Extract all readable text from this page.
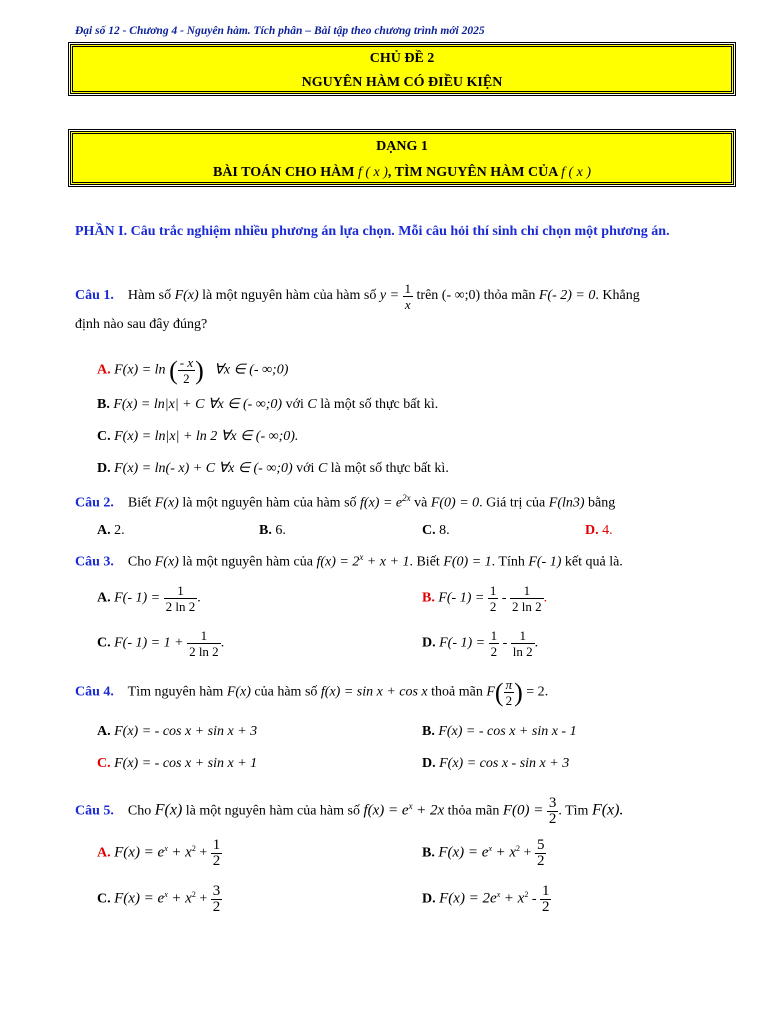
Đại số 12 - Chương 4 - Nguyên hàm. Tích phân – Bài tập theo chương trình mới 2025
CHỦ ĐỀ 2
NGUYÊN HÀM CÓ ĐIỀU KIỆN
DẠNG 1
BÀI TOÁN CHO HÀM f ( x ), TÌM NGUYÊN HÀM CỦA f ( x )
PHẦN I. Câu trắc nghiệm nhiều phương án lựa chọn. Mỗi câu hỏi thí sinh chỉ chọn một phương án.
Câu 1. Hàm số F(x) là một nguyên hàm của hàm số $y = \frac{1}{x}$ trên (- ∞;0) thỏa mãn F(- 2) = 0. Khẳng
định nào sau đây đúng?
A. F(x) = ln ( $\frac{- x}{2}$ ) ∀x ∈ (- ∞;0)
B. F(x) = ln|x| + C ∀x ∈ (- ∞;0) với C là một số thực bất kì.
C. F(x) = ln|x| + ln 2 ∀x ∈ (- ∞;0).
D. F(x) = ln(- x) + C ∀x ∈ (- ∞;0) với C là một số thực bất kì.
Câu 2. Biết F(x) là một nguyên hàm của hàm số $f(x) = e^{2x}$ và F(0) = 0. Giá trị của F(ln3) bằng
A. 2.	B. 6.	C. 8.	D. 4.
Câu 3. Cho F(x) là một nguyên hàm của $f(x) = 2^x + x + 1$. Biết F(0) = 1. Tính F(- 1) kết quả là.
A. F(- $1) = \frac{1}{2 \ln 2}$ .	B. F(- $1) = \frac{1}{2} - \frac{1}{2 \ln 2}$ .
C. F(- $1) = 1 + \frac{1}{2 \ln 2}$ .	D. F(- $1) = \frac{1}{2} - \frac{1}{\ln 2}$ .
Câu 4. Tìm nguyên hàm F(x) của hàm số f(x) = sin x + cos x thoả mãn $F( \frac{\pi}{2}$ ) = 2.
A. F(x) = - cos x + sin x + 3	B. F(x) = - cos x + sin x - 1
C. F(x) = - cos x + sin x + 1	D. F(x) = cos x - sin x + 3
Câu 5. Cho F(x) là một nguyên hàm của hàm số $f(x) = e^x + 2x$ thỏa mãn $F(0) = \frac{3}{2}$ . Tìm F(x).
A. $F(x) = e^x + x^2 + \frac{1}{2}$	B. $F(x) = e^x + x^2 + \frac{5}{2}$
C. $F(x) = e^x + x^2 + \frac{3}{2}$	D. $F(x) = 2e^x + x^2 - \frac{1}{2}$
